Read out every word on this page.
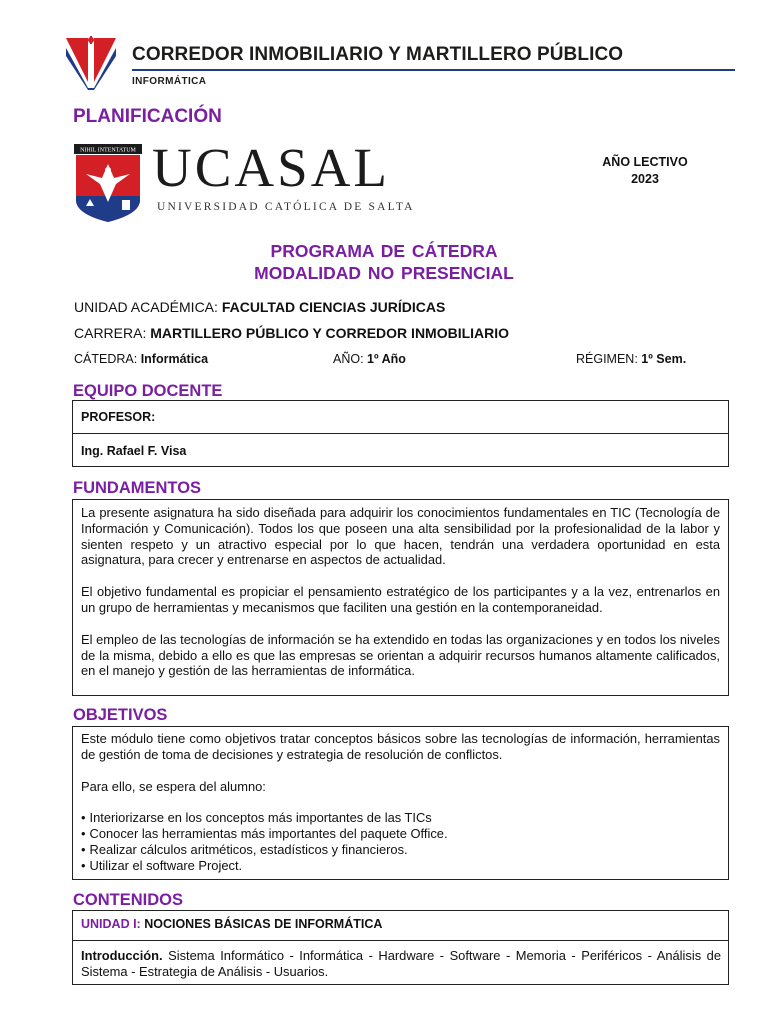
CORREDOR INMOBILIARIO Y MARTILLERO PÚBLICO
INFORMÁTICA
PLANIFICACIÓN
NIHIL INTENTATUM UCASAL
UNIVERSIDAD CATÓLICA DE SALTA
AÑO LECTIVO
2023
PROGRAMA DE CÁTEDRA
MODALIDAD NO PRESENCIAL
UNIDAD ACADÉMICA: FACULTAD CIENCIAS JURÍDICAS
CARRERA: MARTILLERO PÚBLICO Y CORREDOR INMOBILIARIO
CÁTEDRA: Informática	AÑO: 1º Año	RÉGIMEN: 1º Sem.
EQUIPO DOCENTE
PROFESOR:
Ing. Rafael F. Visa
FUNDAMENTOS

La presente asignatura ha sido diseñada para adquirir los conocimientos fundamentales en TIC (Tecnología de Información y Comunicación). Todos los que poseen una alta sensibilidad por la profesionalidad de la labor y sienten respeto y un atractivo especial por lo que hacen, tendrán una verdadera oportunidad en esta asignatura, para crecer y entrenarse en aspectos de actualidad.

El objetivo fundamental es propiciar el pensamiento estratégico de los participantes y a la vez, entrenarlos en un grupo de herramientas y mecanismos que faciliten una gestión en la contemporaneidad.

El empleo de las tecnologías de información se ha extendido en todas las organizaciones y en todos los niveles de la misma, debido a ello es que las empresas se orientan a adquirir recursos humanos altamente calificados, en el manejo y gestión de las herramientas de informática.

OBJETIVOS

Este módulo tiene como objetivos tratar conceptos básicos sobre las tecnologías de información, herramientas de gestión de toma de decisiones y estrategia de resolución de conflictos.

Para ello, se espera del alumno:

• Interiorizarse en los conceptos más importantes de las TICs
• Conocer las herramientas más importantes del paquete Office.
• Realizar cálculos aritméticos, estadísticos y financieros.
• Utilizar el software Project.
CONTENIDOS
UNIDAD I: NOCIONES BÁSICAS DE INFORMÁTICA
Introducción. Sistema Informático - Informática - Hardware - Software - Memoria - Periféricos - Análisis de Sistema - Estrategia de Análisis - Usuarios.
